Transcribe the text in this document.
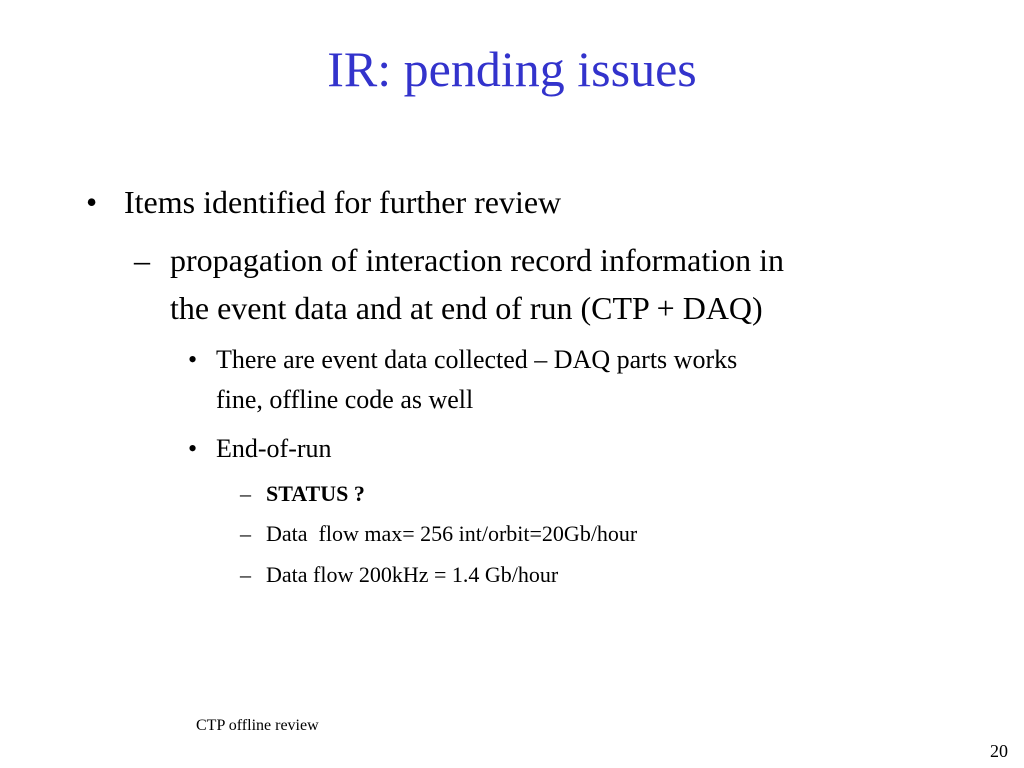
IR: pending issues
• Items identified for further review
– propagation of interaction record information in
the event data and at end of run (CTP + DAQ)
• There are event data collected – DAQ parts works
fine, offline code as well
• End-of-run
– STATUS ?
– Data  flow max= 256 int/orbit=20Gb/hour
– Data flow 200kHz = 1.4 Gb/hour
CTP offline review
20
